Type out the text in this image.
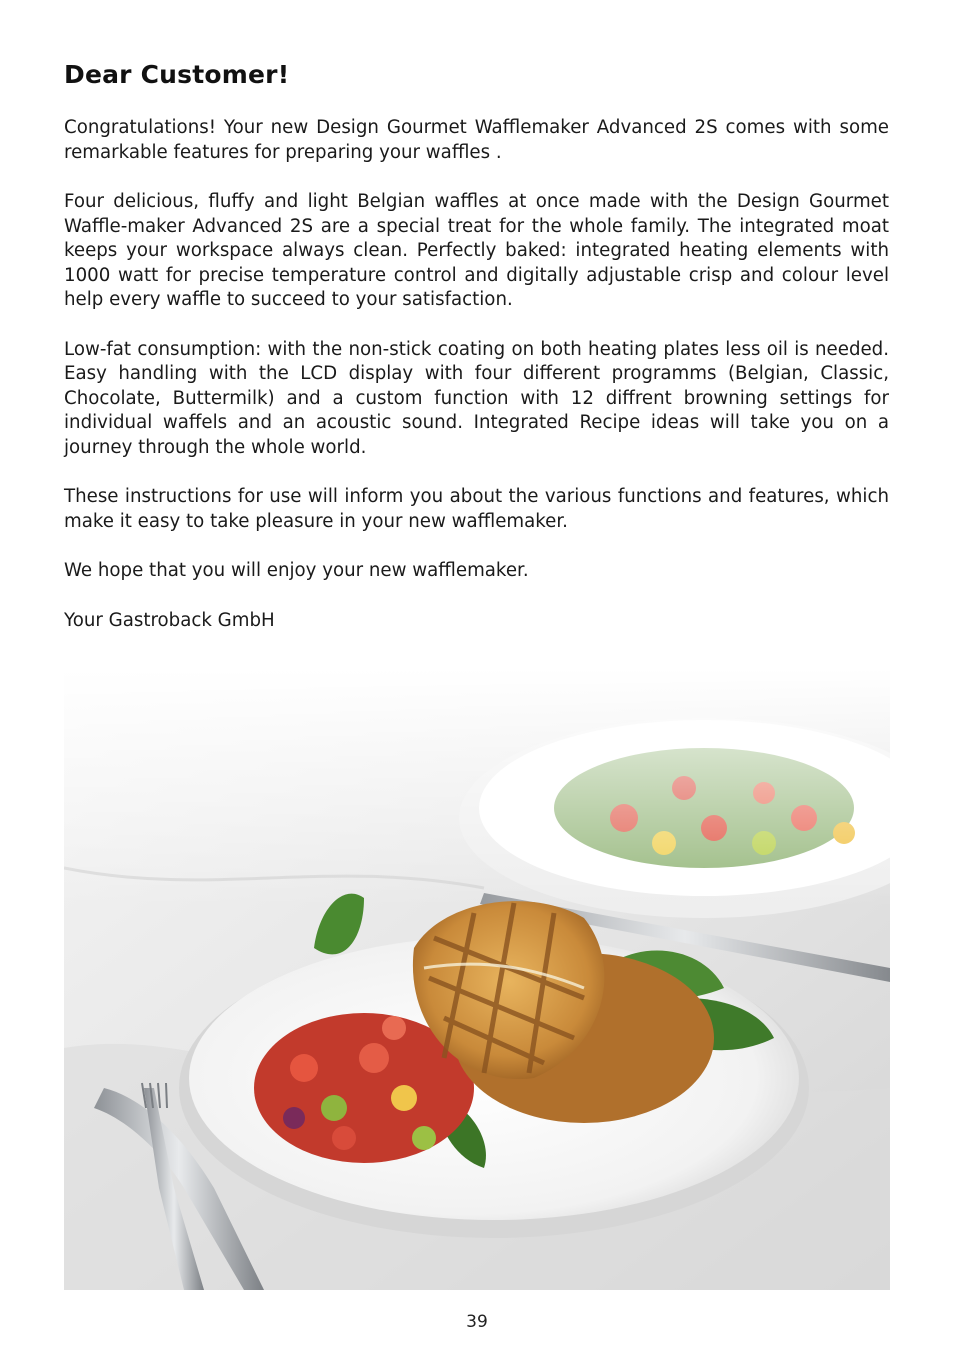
Dear Customer!

Congratulations! Your new Design Gourmet Wafflemaker Advanced 2S comes with some remarkable features for preparing your waffles .

Four delicious, fluffy and light Belgian waffles at once made with the Design Gourmet Waffle-maker Advanced 2S are a special treat for the whole family. The integrated moat keeps your workspace always clean. Perfectly baked: integrated heating elements with 1000 watt for precise temperature control and digitally adjustable crisp and colour level help every waffle to succeed to your satisfaction.

Low-fat consumption: with the non-stick coating on both heating plates less oil is needed. Easy handling with the LCD display with four different programms (Belgian, Classic, Chocolate, Buttermilk) and a custom function with 12 diffrent browning settings for individual waffels and an acoustic sound. Integrated Recipe ideas will take you on a journey through the whole world.

These instructions for use will inform you about the various functions and features, which make it easy to take pleasure in your new wafflemaker.

We hope that you will enjoy your new wafflemaker.

Your Gastroback GmbH

39
